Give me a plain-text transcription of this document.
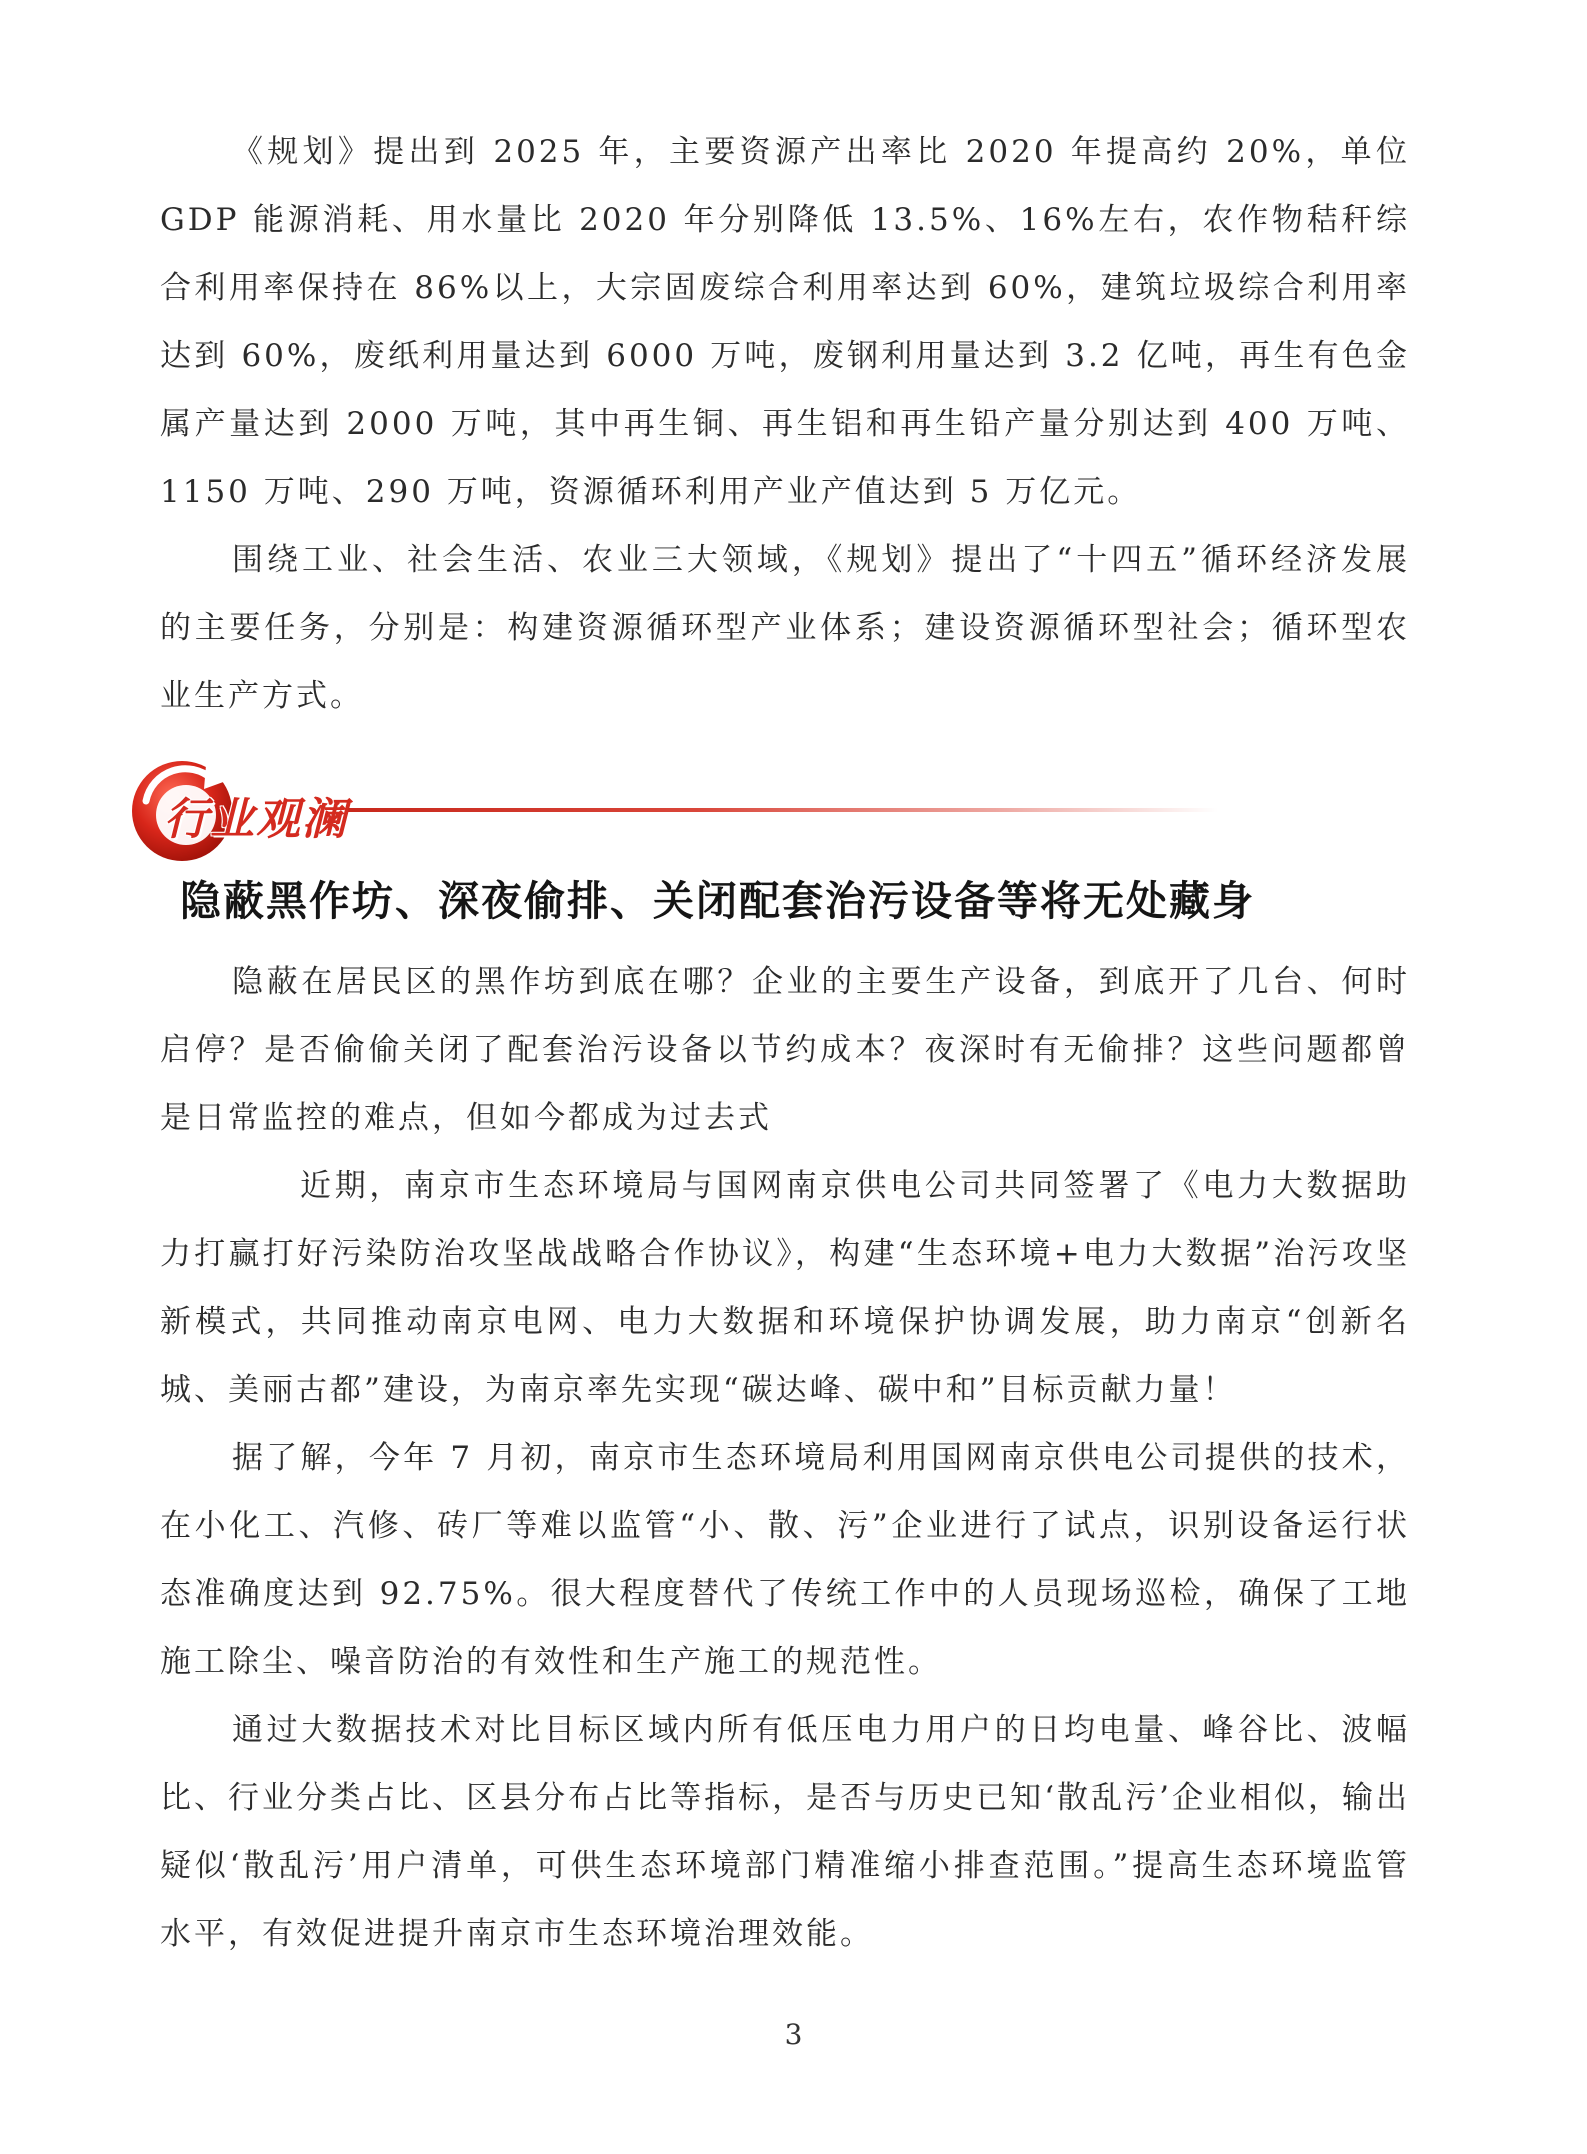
《规划》提出到 2025 年，主要资源产出率比 2020 年提高约 20%，单位 GDP 能源消耗、用水量比 2020 年分别降低 13.5%、16%左右，农作物秸秆综合利用率保持在 86%以上，大宗固废综合利用率达到 60%，建筑垃圾综合利用率达到 60%，废纸利用量达到 6000 万吨，废钢利用量达到 3.2 亿吨，再生有色金属产量达到 2000 万吨，其中再生铜、再生铝和再生铅产量分别达到 400 万吨、1150 万吨、290 万吨，资源循环利用产业产值达到 5 万亿元。

围绕工业、社会生活、农业三大领域，《规划》提出了“十四五”循环经济发展的主要任务，分别是：构建资源循环型产业体系；建设资源循环型社会；循环型农业生产方式。

行业观澜
隐蔽黑作坊、深夜偷排、关闭配套治污设备等将无处藏身

隐蔽在居民区的黑作坊到底在哪？企业的主要生产设备，到底开了几台、何时启停？是否偷偷关闭了配套治污设备以节约成本？夜深时有无偷排？这些问题都曾是日常监控的难点，但如今都成为过去式

近期，南京市生态环境局与国网南京供电公司共同签署了《电力大数据助力打赢打好污染防治攻坚战战略合作协议》，构建“生态环境+电力大数据”治污攻坚新模式，共同推动南京电网、电力大数据和环境保护协调发展，助力南京“创新名城、美丽古都”建设，为南京率先实现“碳达峰、碳中和”目标贡献力量！

据了解，今年 7 月初，南京市生态环境局利用国网南京供电公司提供的技术，在小化工、汽修、砖厂等难以监管“小、散、污”企业进行了试点，识别设备运行状态准确度达到 92.75%。很大程度替代了传统工作中的人员现场巡检，确保了工地施工除尘、噪音防治的有效性和生产施工的规范性。

通过大数据技术对比目标区域内所有低压电力用户的日均电量、峰谷比、波幅比、行业分类占比、区县分布占比等指标，是否与历史已知‘散乱污’企业相似，输出疑似‘散乱污’用户清单，可供生态环境部门精准缩小排查范围。”提高生态环境监管水平，有效促进提升南京市生态环境治理效能。

3
